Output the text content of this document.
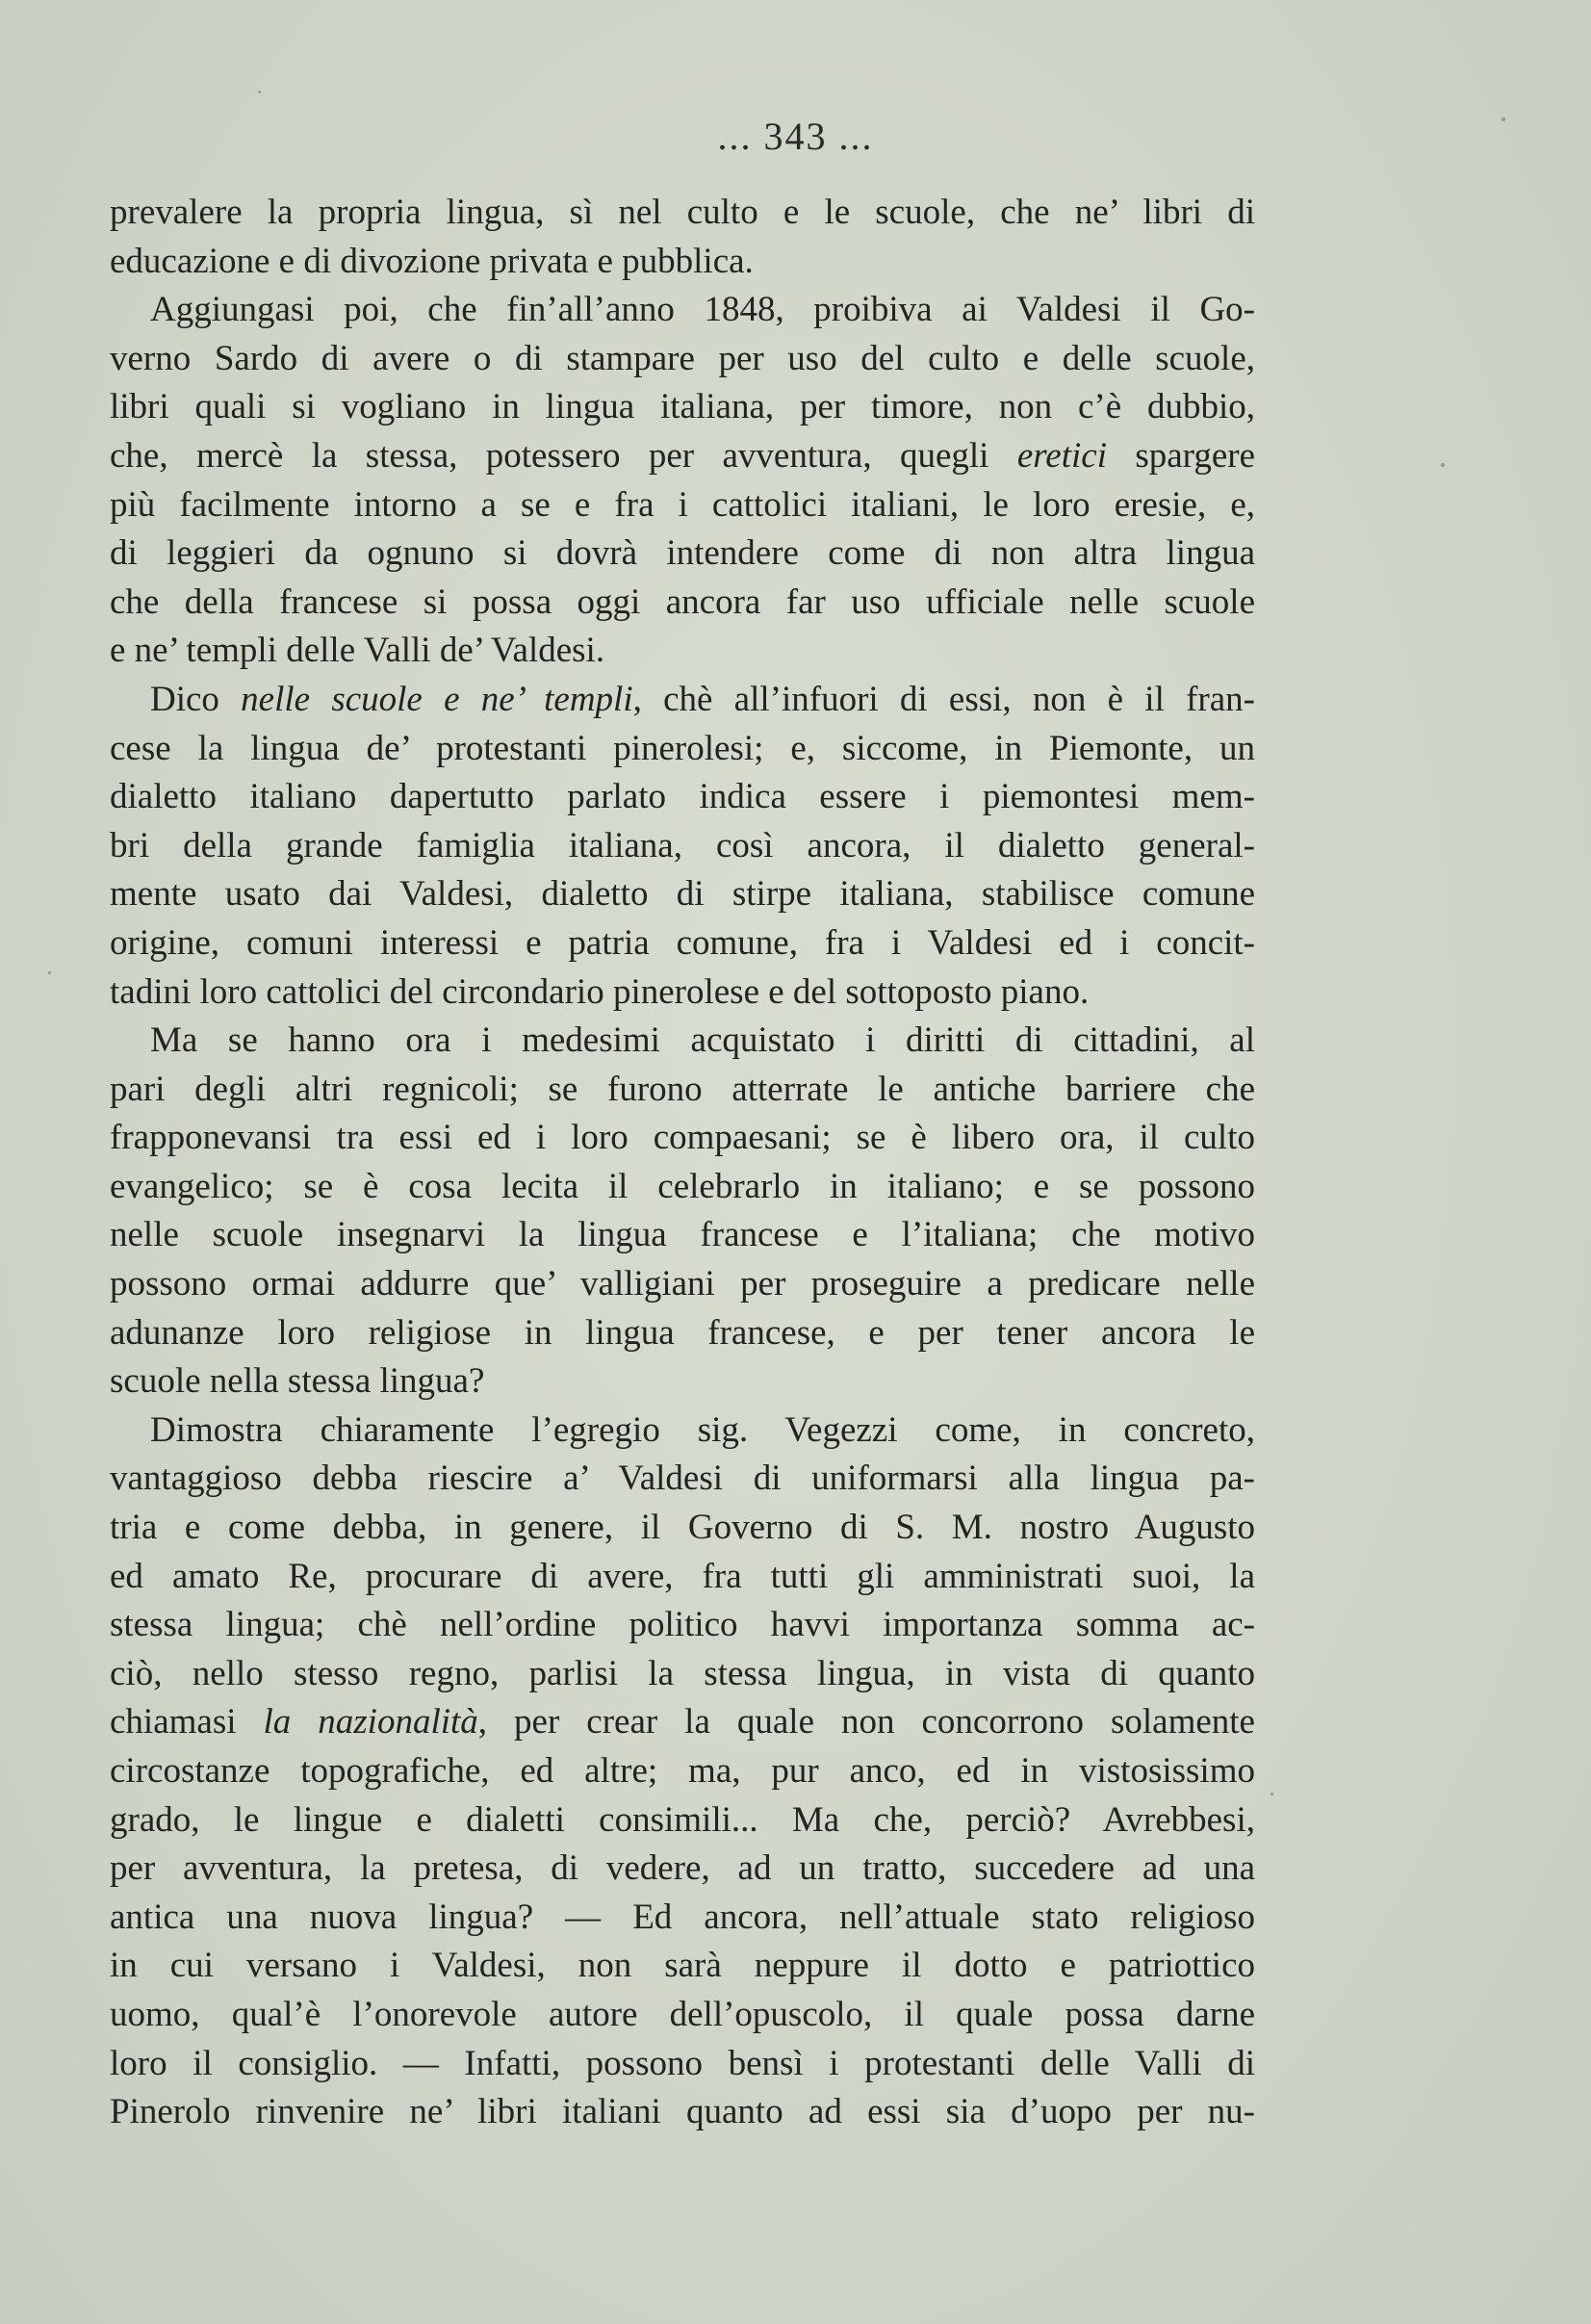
... 343 ...
prevalere la propria lingua, sì nel culto e le scuole, che ne’ libri di
educazione e di divozione privata e pubblica.
Aggiungasi poi, che fin’all’anno 1848, proibiva ai Valdesi il Go-
verno Sardo di avere o di stampare per uso del culto e delle scuole,
libri quali si vogliano in lingua italiana, per timore, non c’è dubbio,
che, mercè la stessa, potessero per avventura, quegli eretici spargere
più facilmente intorno a se e fra i cattolici italiani, le loro eresie, e,
di leggieri da ognuno si dovrà intendere come di non altra lingua
che della francese si possa oggi ancora far uso ufficiale nelle scuole
e ne’ templi delle Valli de’ Valdesi.
Dico nelle scuole e ne’ templi, chè all’infuori di essi, non è il fran-
cese la lingua de’ protestanti pinerolesi; e, siccome, in Piemonte, un
dialetto italiano dapertutto parlato indica essere i piemontesi mem-
bri della grande famiglia italiana, così ancora, il dialetto general-
mente usato dai Valdesi, dialetto di stirpe italiana, stabilisce comune
origine, comuni interessi e patria comune, fra i Valdesi ed i concit-
tadini loro cattolici del circondario pinerolese e del sottoposto piano.
Ma se hanno ora i medesimi acquistato i diritti di cittadini, al
pari degli altri regnicoli; se furono atterrate le antiche barriere che
frapponevansi tra essi ed i loro compaesani; se è libero ora, il culto
evangelico; se è cosa lecita il celebrarlo in italiano; e se possono
nelle scuole insegnarvi la lingua francese e l’italiana; che motivo
possono ormai addurre que’ valligiani per proseguire a predicare nelle
adunanze loro religiose in lingua francese, e per tener ancora le
scuole nella stessa lingua?
Dimostra chiaramente l’egregio sig. Vegezzi come, in concreto,
vantaggioso debba riescire a’ Valdesi di uniformarsi alla lingua pa-
tria e come debba, in genere, il Governo di S. M. nostro Augusto
ed amato Re, procurare di avere, fra tutti gli amministrati suoi, la
stessa lingua; chè nell’ordine politico havvi importanza somma ac-
ciò, nello stesso regno, parlisi la stessa lingua, in vista di quanto
chiamasi la nazionalità, per crear la quale non concorrono solamente
circostanze topografiche, ed altre; ma, pur anco, ed in vistosissimo
grado, le lingue e dialetti consimili... Ma che, perciò? Avrebbesi,
per avventura, la pretesa, di vedere, ad un tratto, succedere ad una
antica una nuova lingua? — Ed ancora, nell’attuale stato religioso
in cui versano i Valdesi, non sarà neppure il dotto e patriottico
uomo, qual’è l’onorevole autore dell’opuscolo, il quale possa darne
loro il consiglio. — Infatti, possono bensì i protestanti delle Valli di
Pinerolo rinvenire ne’ libri italiani quanto ad essi sia d’uopo per nu-
